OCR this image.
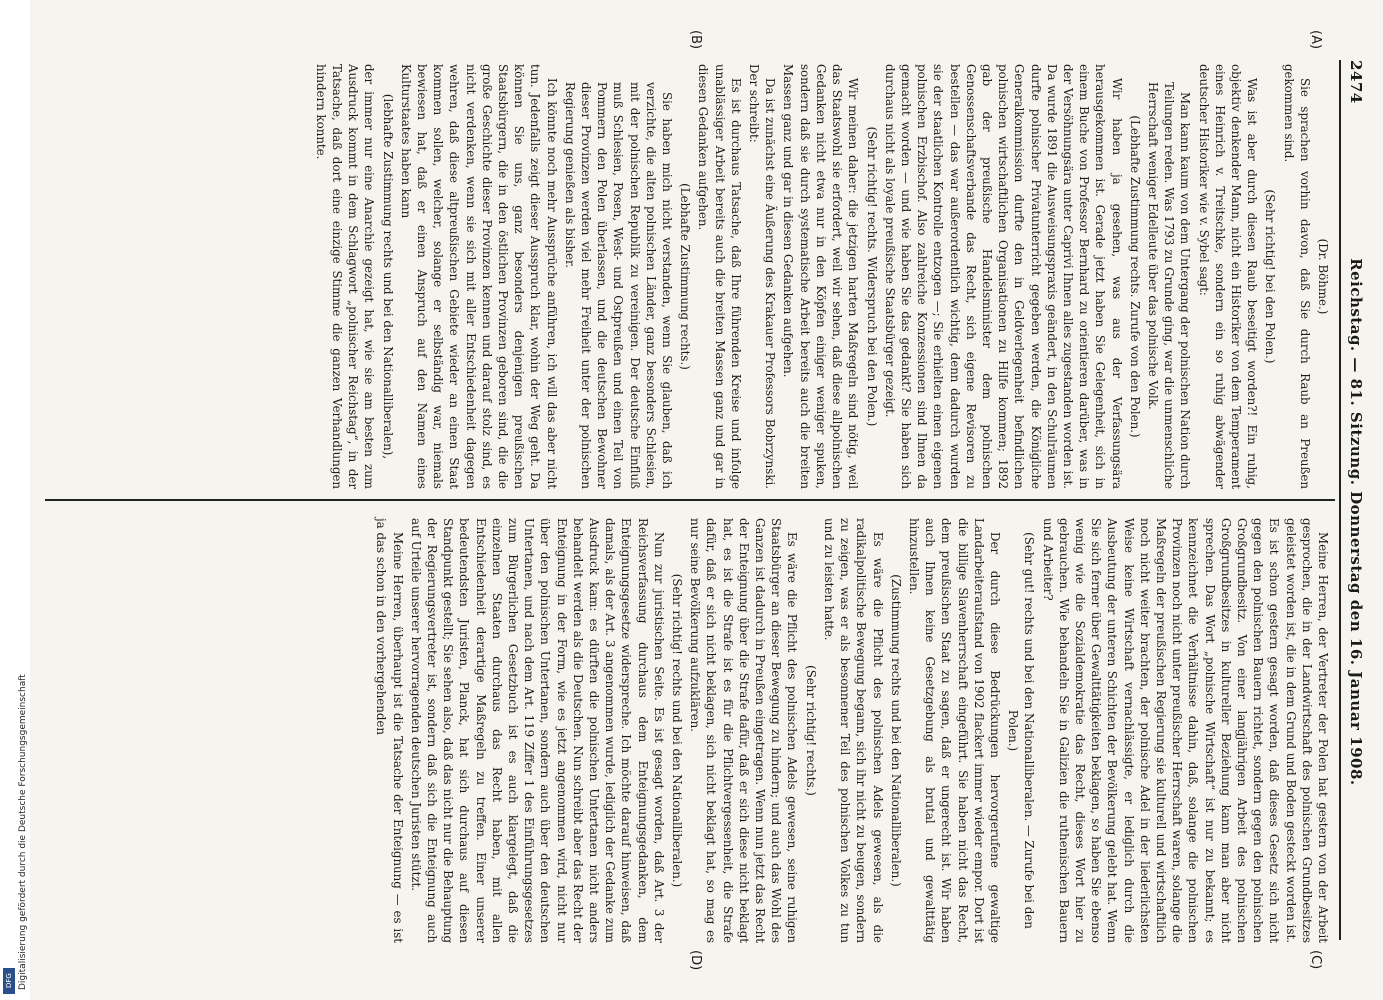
Digitalisierung gefördert durch die Deutsche Forschungsgemeinschaft
DFG
2474
Reichstag. — 81. Sitzung. Donnerstag den 16. Januar 1908.
(A)
(B)
(C)
(D)

(Dr. Böhme.)

Sie sprachen vorhin davon, daß Sie durch Raub an Preußen gekommen sind.

(Sehr richtig! bei den Polen.)

Was ist aber durch diesen Raub beseitigt worden?! Ein ruhig, objektiv denkender Mann, nicht ein Historiker von dem Temperament eines Heinrich v. Treitschke, sondern ein so ruhig abwägender deutscher Historiker wie v. Sybel sagt:

Man kann kaum von dem Untergang der polnischen Nation durch Teilungen reden. Was 1793 zu Grunde ging, war die unmenschliche Herrschaft weniger Edelleute über das polnische Volk.

(Lebhafte Zustimmung rechts. Zurufe von den Polen.)

Wir haben ja gesehen, was aus der Verfassungsära herausgekommen ist. Gerade jetzt haben Sie Gelegenheit, sich in einem Buche von Professor Bernhard zu orientieren darüber, was in der Versöhnungsära unter Caprivi Ihnen alles zugestanden worden ist. Da wurde 1891 die Ausweisungspraxis geändert, in den Schulräumen durfte polnischer Privatunterricht gegeben werden, die Königliche Generalkommission durfte den in Geldverlegenheit befindlichen polnischen wirtschaftlichen Organisationen zu Hilfe kommen; 1892 gab der preußische Handelsminister dem polnischen Genossenschaftsverbande das Recht, sich eigene Revisoren zu bestellen — das war außerordentlich wichtig, denn dadurch wurden sie der staatlichen Kontrolle entzogen —; Sie erhielten einen eigenen polnischen Erzbischof. Also zahlreiche Konzessionen sind Ihnen da gemacht worden — und wie haben Sie das gedankt? Sie haben sich durchaus nicht als loyale preußische Staatsbürger gezeigt.

(Sehr richtig! rechts. Widerspruch bei den Polen.)

Wir meinen daher: die jetzigen harten Maßregeln sind nötig, weil das Staatswohl sie erfordert, weil wir sehen, daß diese allpolnischen Gedanken nicht etwa nur in den Köpfen einiger weniger spuken, sondern daß sie durch systematische Arbeit bereits auch die breiten Massen ganz und gar in diesen Gedanken aufgehen.

Da ist zunächst eine Äußerung des Krakauer Professors Bobrzynski. Der schreibt:

Es ist durchaus Tatsache, daß Ihre führenden Kreise und infolge unablässiger Arbeit bereits auch die breiten Massen ganz und gar in diesen Gedanken aufgehen.

(Lebhafte Zustimmung rechts.)

Sie haben mich nicht verstanden, wenn Sie glauben, daß ich verzichte, die alten polnischen Länder, ganz besonders Schlesien, mit der polnischen Republik zu vereinigen. Der deutsche Einfluß muß Schlesien, Posen, West- und Ostpreußen und einen Teil von Pommern den Polen überlassen, und die deutschen Bewohner dieser Provinzen werden viel mehr Freiheit unter der polnischen Regierung genießen als bisher.

Ich könnte noch mehr Aussprüche anführen, ich will das aber nicht tun. Jedenfalls zeigt dieser Ausspruch klar, wohin der Weg geht. Da können Sie uns, ganz besonders denjenigen preußischen Staatsbürgern, die in den östlichen Provinzen geboren sind, die die große Geschichte dieser Provinzen kennen und darauf stolz sind, es nicht verdenken, wenn sie sich mit aller Entschiedenheit dagegen wehren, daß diese altpreußischen Gebiete wieder an einen Staat kommen sollen, welcher, solange er selbständig war, niemals bewiesen hat, daß er einen Anspruch auf den Namen eines Kulturstaates haben kann

(lebhafte Zustimmung rechts und bei den Nationalliberalen),

der immer nur eine Anarchie gezeigt hat, wie sie am besten zum Ausdruck kommt in dem Schlagwort „polnischer Reichstag“, in der Tatsache, daß dort eine einzige Stimme die ganzen Verhandlungen hindern konnte.

Meine Herren, der Vertreter der Polen hat gestern von der Arbeit gesprochen, die in der Landwirtschaft des polnischen Grundbesitzes geleistet worden ist, die in dem Grund und Boden gesteckt worden ist. Es ist schon gestern gesagt worden, daß dieses Gesetz sich nicht gegen den polnischen Bauern richtet, sondern gegen den polnischen Großgrundbesitz. Von einer langjährigen Arbeit des polnischen Großgrundbesitzes in kultureller Beziehung kann man aber nicht sprechen. Das Wort „polnische Wirtschaft“ ist nur zu bekannt; es kennzeichnet die Verhältnisse dahin, daß, solange die polnischen Provinzen noch nicht unter preußischer Herrschaft waren, solange die Maßregeln der preußischen Regierung sie kulturell und wirtschaftlich noch nicht weiter brachten, der polnische Adel in der liederlichsten Weise keine Wirtschaft vernachlässigte, er lediglich durch die Ausbeutung der unteren Schichten der Bevölkerung gelebt hat. Wenn Sie sich ferner über Gewalttätigkeiten beklagen, so haben Sie ebenso wenig wie die Sozialdemokratie das Recht, dieses Wort hier zu gebrauchen. Wie behandeln Sie in Galizien die ruthenischen Bauern und Arbeiter?

(Sehr gut! rechts und bei den Nationalliberalen. — Zurufe bei den Polen.)

Der durch diese Bedrückungen hervorgerufene gewaltige Landarbeiteraufstand von 1902 flackert immer wieder empor. Dort ist die billige Slavenherrschaft eingeführt. Sie haben nicht das Recht, dem preußischen Staat zu sagen, daß er ungerecht ist. Wir haben auch Ihnen keine Gesetzgebung als brutal und gewalttätig hinzustellen.

(Zustimmung rechts und bei den Nationalliberalen.)

Es wäre die Pflicht des polnischen Adels gewesen, als die radikalpolitische Bewegung begann, sich ihr nicht zu beugen, sondern zu zeigen, was er als besonnener Teil des polnischen Volkes zu tun und zu leisten hatte.

(Sehr richtig! rechts.)

Es wäre die Pflicht des polnischen Adels gewesen, seine ruhigen Staatsbürger an dieser Bewegung zu hindern; und auch das Wohl des Ganzen ist dadurch in Preußen eingetragen. Wenn nun jetzt das Recht der Enteignung über die Strafe dafür, daß er sich diese nicht beklagt hat, es ist die Strafe ist es für die Pflichtvergessenheit, die Strafe dafür, daß er sich nicht beklagen, sich nicht beklagt hat, so mag es nur seine Bevölkerung aufzuklären.

(Sehr richtig! rechts und bei den Nationalliberalen.)

Nun zur juristischen Seite. Es ist gesagt worden, daß Art. 3 der Reichsverfassung durchaus dem Enteignungsgedanken, dem Enteignungsgesetze widerspreche. Ich möchte darauf hinweisen, daß damals, als der Art. 3 angenommen wurde, lediglich der Gedanke zum Ausdruck kam: es dürften die polnischen Untertanen nicht anders behandelt werden als die Deutschen. Nun schreibt aber das Recht der Enteignung in der Form, wie es jetzt angenommen wird, nicht nur über den polnischen Untertanen, sondern auch über den deutschen Untertanen, und nach dem Art. 119 Ziffer 1 des Einführungsgesetzes zum Bürgerlichen Gesetzbuch ist es auch klargelegt, daß die einzelnen Staaten durchaus das Recht haben, mit allen Entschiedenheit derartige Maßregeln zu treffen. Einer unserer bedeutendsten Juristen, Planck, hat sich durchaus auf diesen Standpunkt gestellt; Sie sehen also, daß das nicht nur die Behauptung der Regierungsvertreter ist, sondern daß sich die Enteignung auch auf Urteile unserer hervorragenden deutschen Juristen stützt.

Meine Herren, überhaupt ist die Tatsache der Enteignung — es ist ja das schon in den vorhergehenden
